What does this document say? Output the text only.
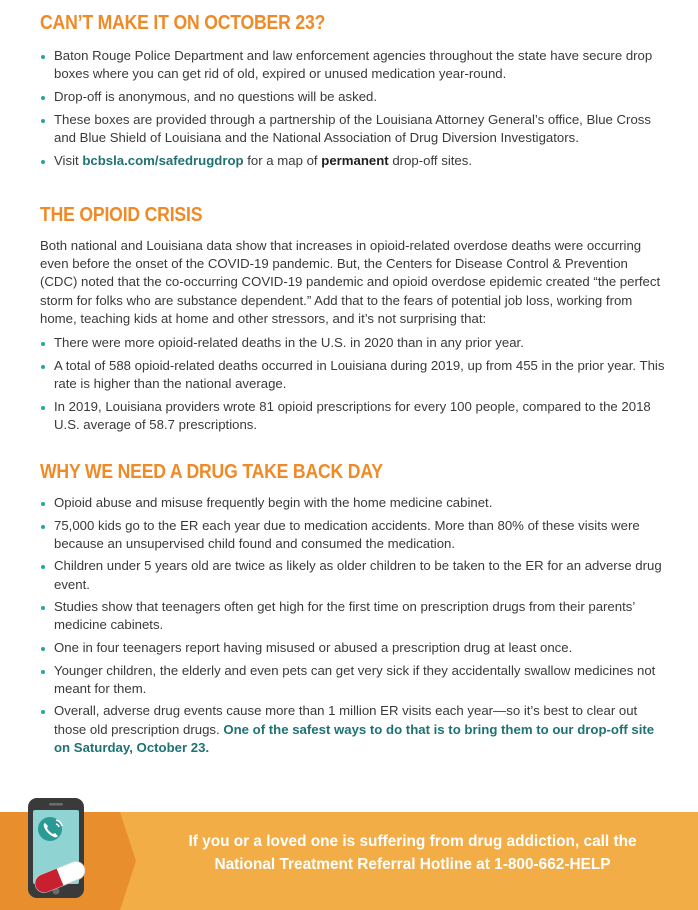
CAN’T MAKE IT ON OCTOBER 23?
Baton Rouge Police Department and law enforcement agencies throughout the state have secure drop boxes where you can get rid of old, expired or unused medication year-round.
Drop-off is anonymous, and no questions will be asked.
These boxes are provided through a partnership of the Louisiana Attorney General’s office, Blue Cross and Blue Shield of Louisiana and the National Association of Drug Diversion Investigators.
Visit bcbsla.com/safedrugdrop for a map of permanent drop-off sites.
THE OPIOID CRISIS

Both national and Louisiana data show that increases in opioid-related overdose deaths were occurring even before the onset of the COVID-19 pandemic. But, the Centers for Disease Control & Prevention (CDC) noted that the co-occurring COVID-19 pandemic and opioid overdose epidemic created “the perfect storm for folks who are substance dependent.” Add that to the fears of potential job loss, working from home, teaching kids at home and other stressors, and it’s not surprising that:

There were more opioid-related deaths in the U.S. in 2020 than in any prior year.
A total of 588 opioid-related deaths occurred in Louisiana during 2019, up from 455 in the prior year. This rate is higher than the national average.
In 2019, Louisiana providers wrote 81 opioid prescriptions for every 100 people, compared to the 2018 U.S. average of 58.7 prescriptions.
WHY WE NEED A DRUG TAKE BACK DAY
Opioid abuse and misuse frequently begin with the home medicine cabinet.
75,000 kids go to the ER each year due to medication accidents. More than 80% of these visits were because an unsupervised child found and consumed the medication.
Children under 5 years old are twice as likely as older children to be taken to the ER for an adverse drug event.
Studies show that teenagers often get high for the first time on prescription drugs from their parents’ medicine cabinets.
One in four teenagers report having misused or abused a prescription drug at least once.
Younger children, the elderly and even pets can get very sick if they accidentally swallow medicines not meant for them.
Overall, adverse drug events cause more than 1 million ER visits each year—so it’s best to clear out those old prescription drugs. One of the safest ways to do that is to bring them to our drop-off site on Saturday, October 23.
If you or a loved one is suffering from drug addiction, call the
National Treatment Referral Hotline at 1-800-662-HELP
